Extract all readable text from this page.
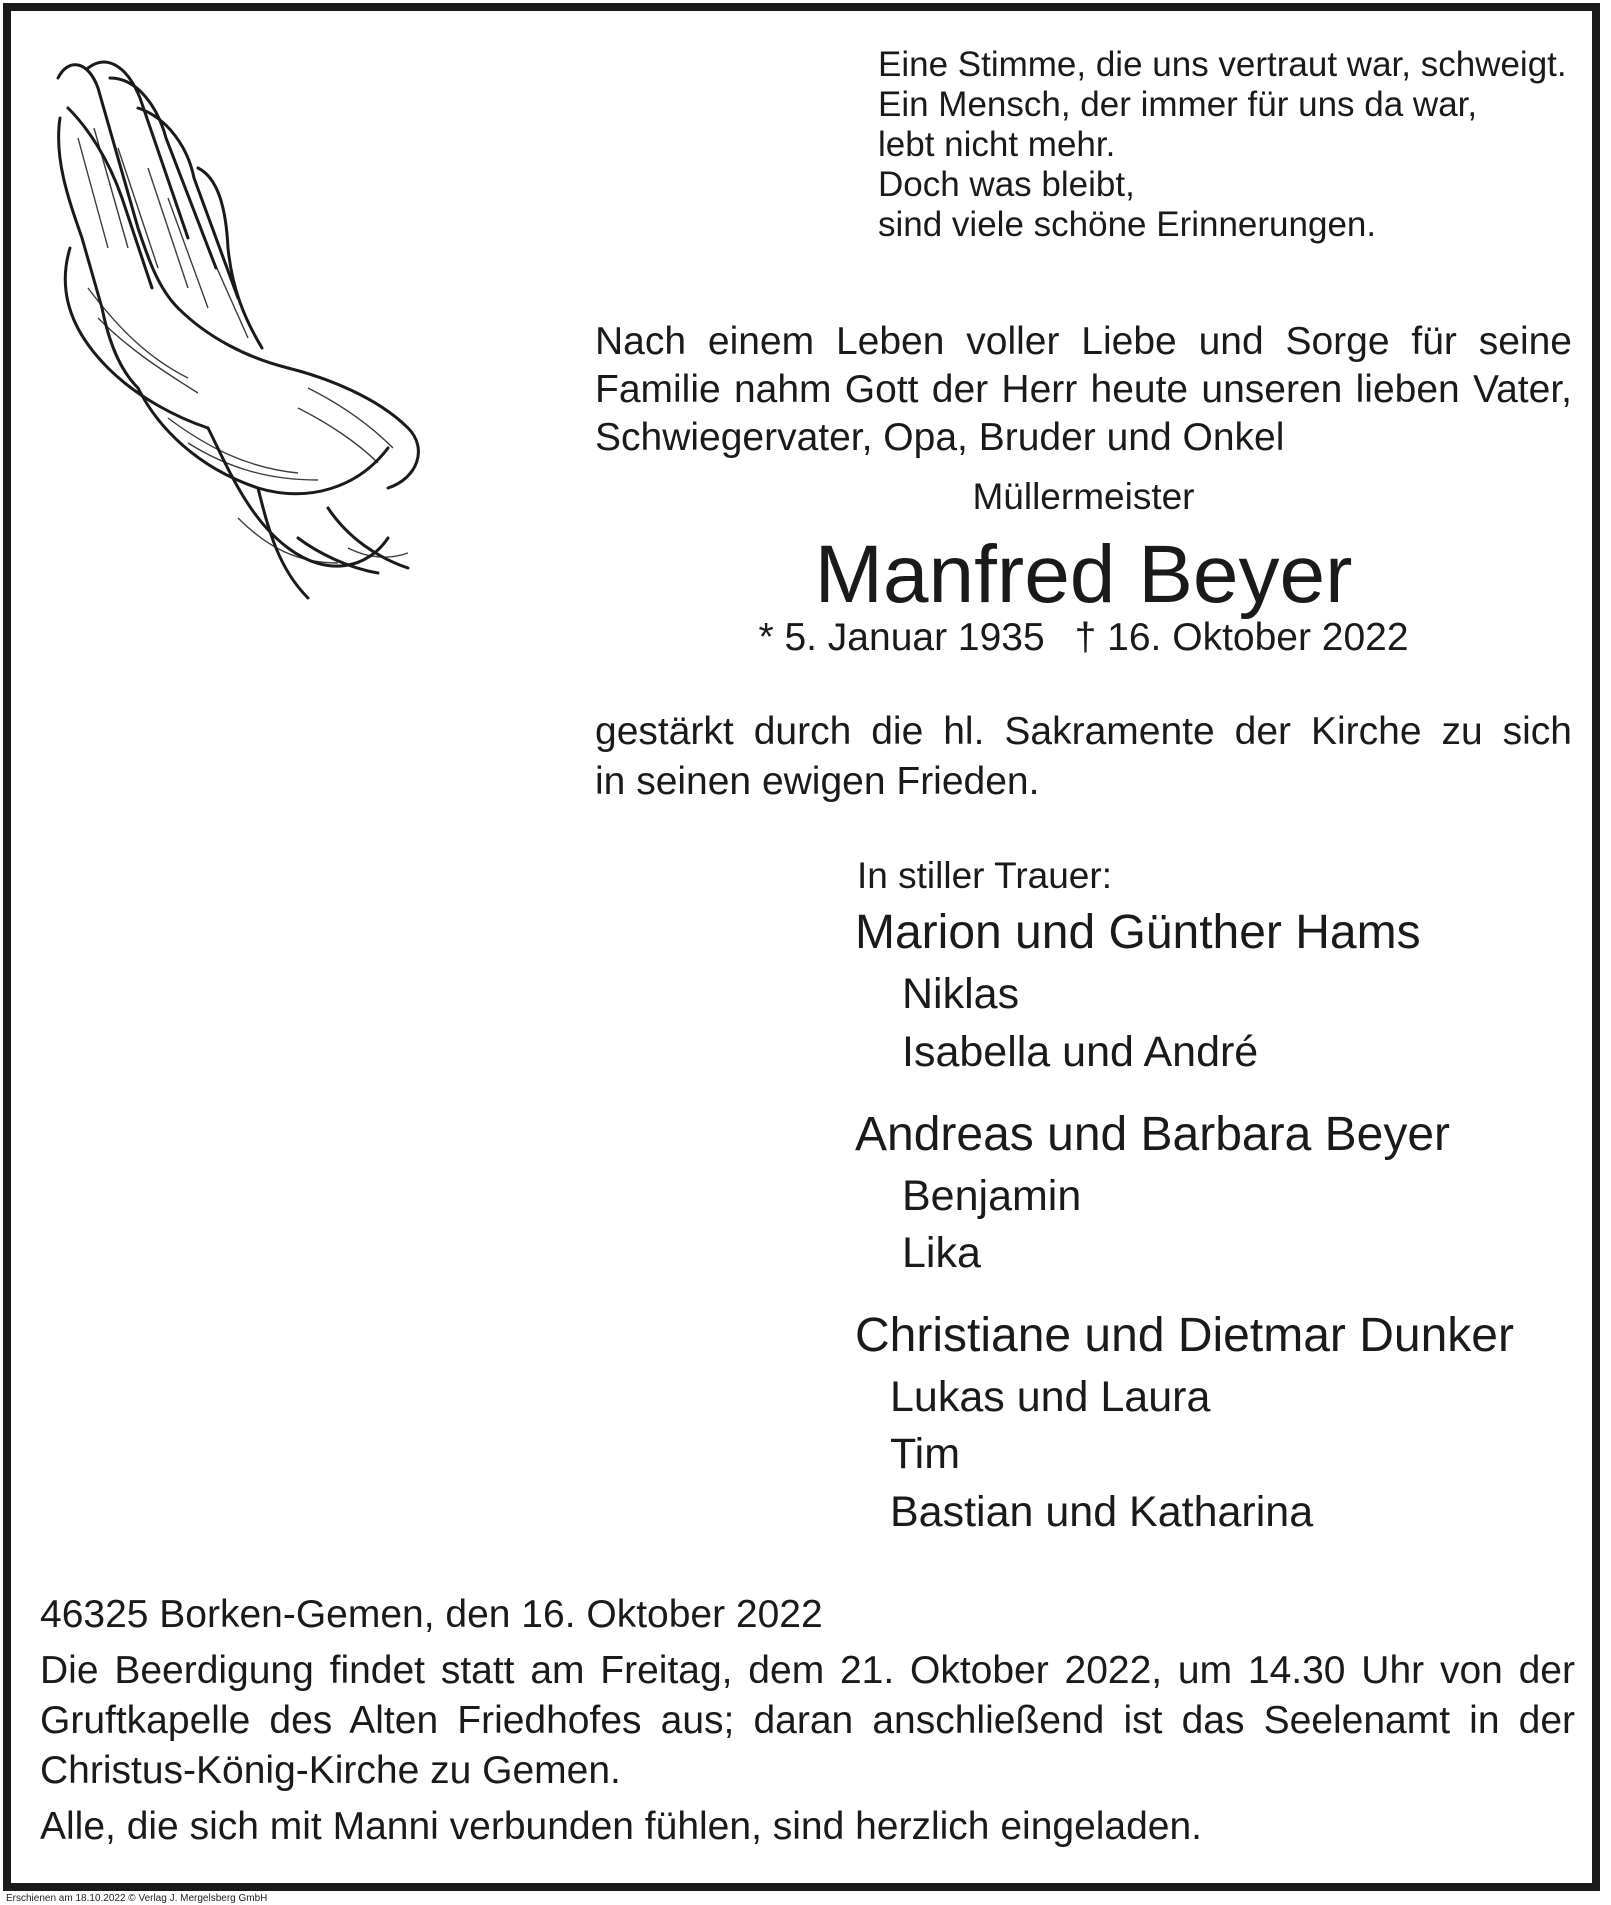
Eine Stimme, die uns vertraut war, schweigt.
Ein Mensch, der immer für uns da war,
lebt nicht mehr.
Doch was bleibt,
sind viele schöne Erinnerungen.
Nach einem Leben voller Liebe und Sorge für seine
Familie nahm Gott der Herr heute unseren lieben Vater,
Schwiegervater, Opa, Bruder und Onkel
Müllermeister
Manfred Beyer
* 5. Januar 1935 † 16. Oktober 2022
gestärkt durch die hl. Sakramente der Kirche zu sich
in seinen ewigen Frieden.
In stiller Trauer:
Marion und Günther Hams
Niklas
Isabella und André
Andreas und Barbara Beyer
Benjamin
Lika
Christiane und Dietmar Dunker
Lukas und Laura
Tim
Bastian und Katharina
46325 Borken-Gemen, den 16. Oktober 2022
Die Beerdigung findet statt am Freitag, dem 21. Oktober 2022, um 14.30 Uhr von der
Gruftkapelle des Alten Friedhofes aus; daran anschließend ist das Seelenamt in der
Christus-König-Kirche zu Gemen.
Alle, die sich mit Manni verbunden fühlen, sind herzlich eingeladen.
Erschienen am 18.10.2022 © Verlag J. Mergelsberg GmbH
